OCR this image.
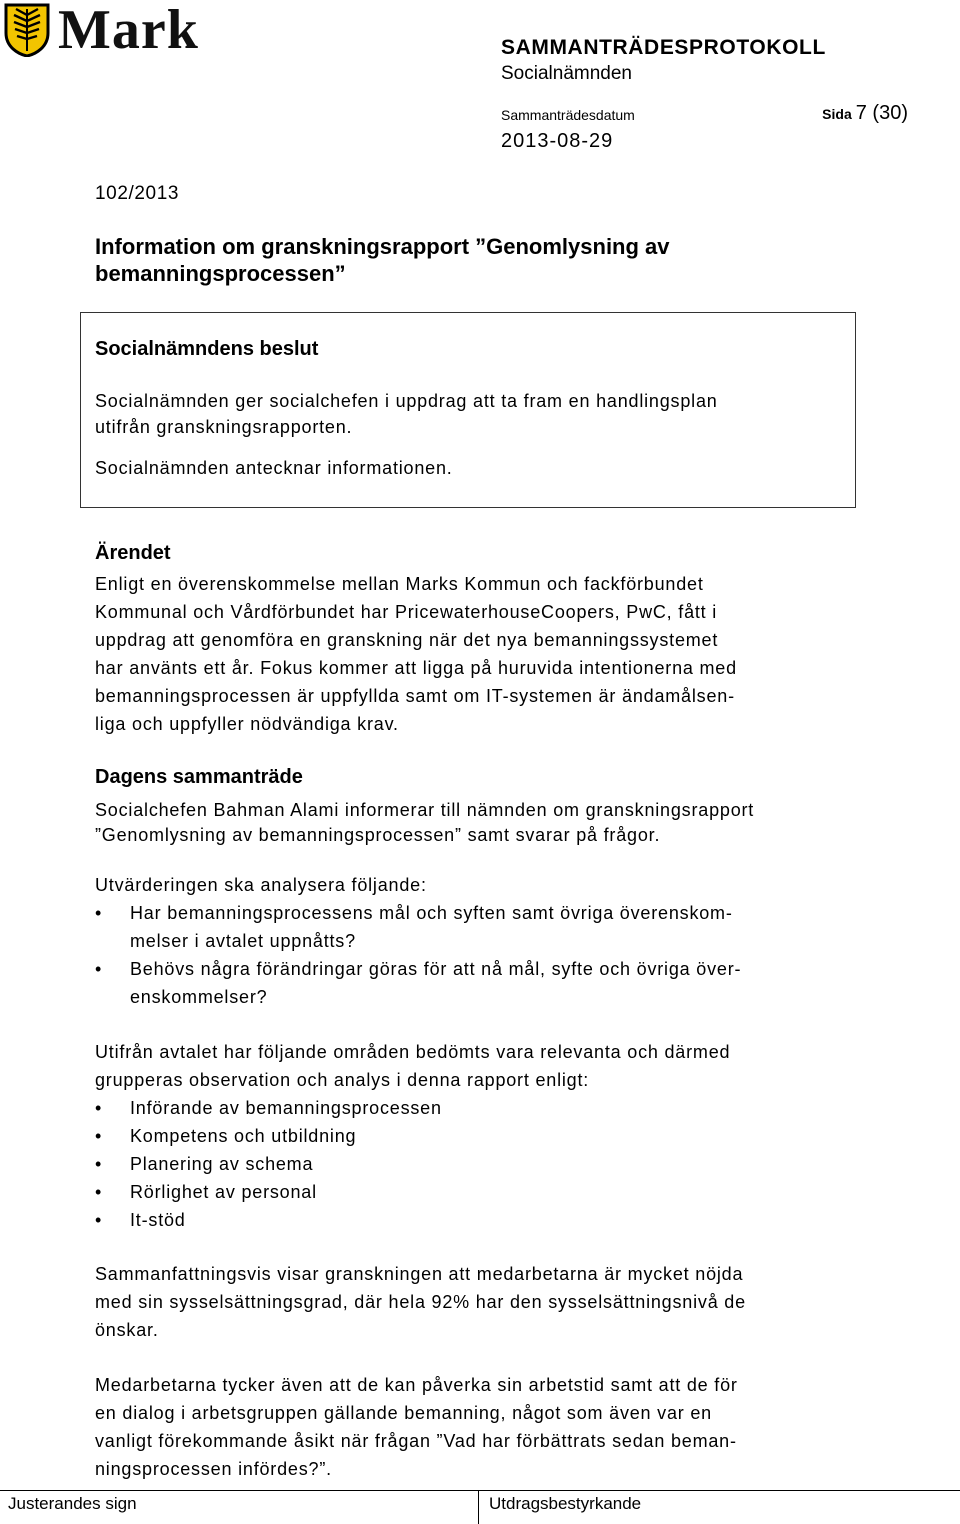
Mark	SAMMANTRÄDESPROTOKOLL
Socialnämnden
Sammanträdesdatum	Sida 7 (30)
2013-08-29
102/2013
Information om granskningsrapport ”Genomlysning av bemanningsprocessen”
Socialnämndens beslut
Socialnämnden ger socialchefen i uppdrag att ta fram en handlingsplan
utifrån granskningsrapporten.
Socialnämnden antecknar informationen.
Ärendet
Enligt en överenskommelse mellan Marks Kommun och fackförbundet
Kommunal och Vårdförbundet har PricewaterhouseCoopers, PwC, fått i
uppdrag att genomföra en granskning när det nya bemanningssystemet
har använts ett år. Fokus kommer att ligga på huruvida intentionerna med
bemanningsprocessen är uppfyllda samt om IT-systemen är ändamålsen-
liga och uppfyller nödvändiga krav.
Dagens sammanträde
Socialchefen Bahman Alami informerar till nämnden om granskningsrapport
”Genomlysning av bemanningsprocessen” samt svarar på frågor.
Utvärderingen ska analysera följande:
• Har bemanningsprocessens mål och syften samt övriga överenskom-
melser i avtalet uppnåtts?
• Behövs några förändringar göras för att nå mål, syfte och övriga över-
enskommelser?
Utifrån avtalet har följande områden bedömts vara relevanta och därmed
grupperas observation och analys i denna rapport enligt:
• Införande av bemanningsprocessen
• Kompetens och utbildning
• Planering av schema
• Rörlighet av personal
• It-stöd
Sammanfattningsvis visar granskningen att medarbetarna är mycket nöjda
med sin sysselsättningsgrad, där hela 92% har den sysselsättningsnivå de
önskar.
Medarbetarna tycker även att de kan påverka sin arbetstid samt att de för
en dialog i arbetsgruppen gällande bemanning, något som även var en
vanligt förekommande åsikt när frågan ”Vad har förbättrats sedan beman-
ningsprocessen infördes?”.
Justerandes sign	Utdragsbestyrkande
